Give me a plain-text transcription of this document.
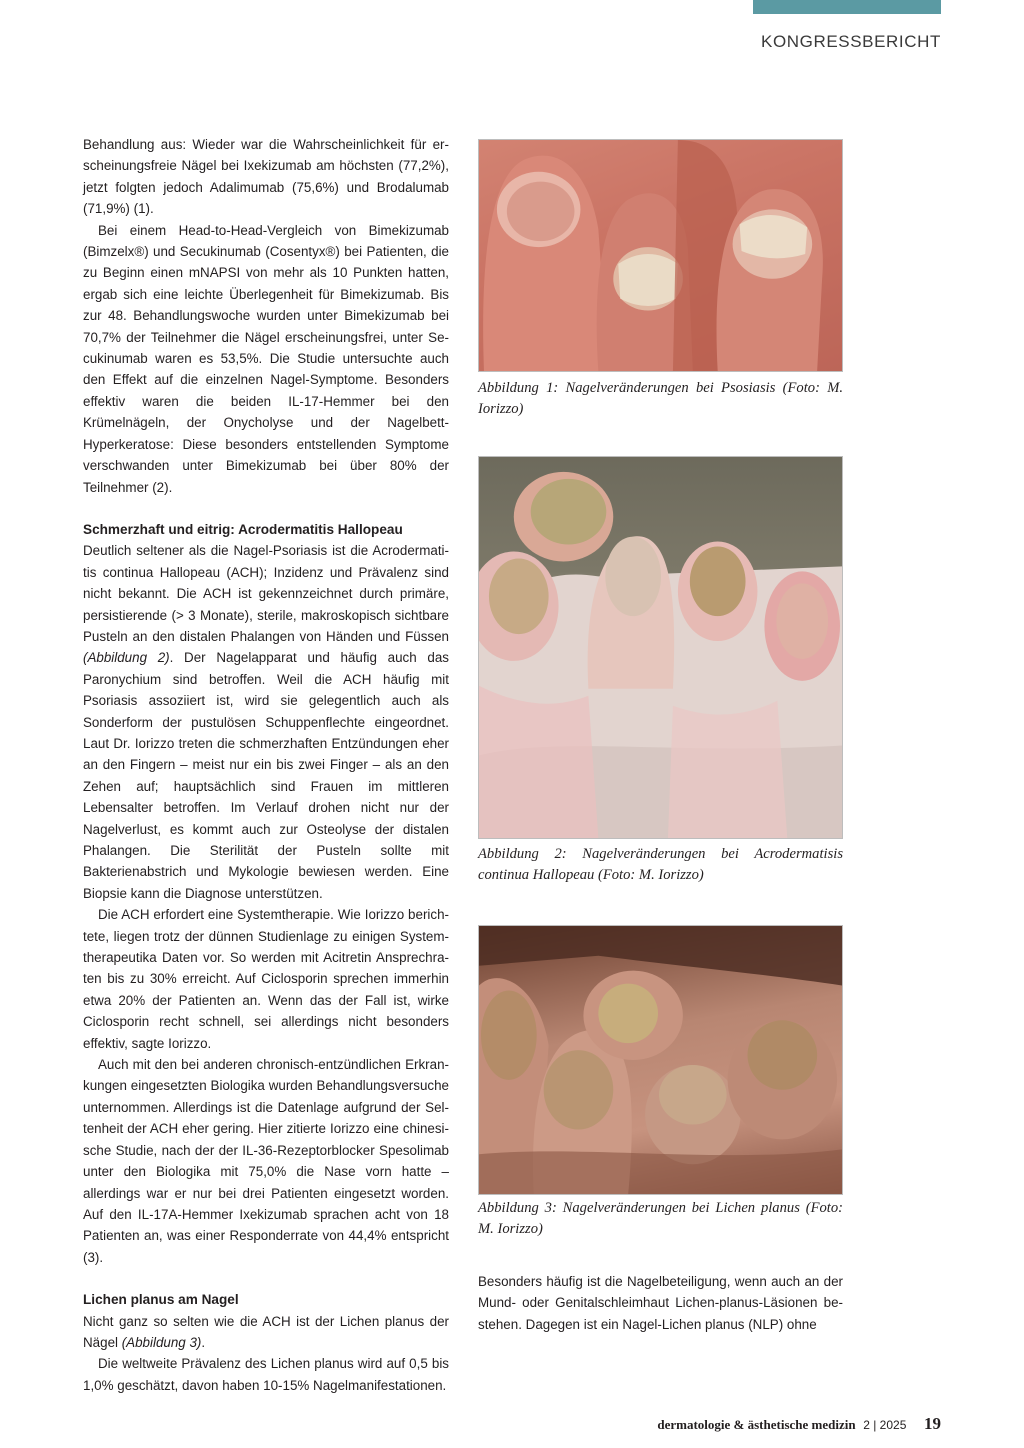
KONGRESSBERICHT

Behandlung aus: Wieder war die Wahrscheinlichkeit für erscheinungsfreie Nägel bei Ixekizumab am höchsten (77,2%), jetzt folgten jedoch Adalimumab (75,6%) und Brodalumab (71,9%) (1).

Bei einem Head-to-Head-Vergleich von Bimekizumab (Bimzelx®) und Secukinumab (Cosentyx®) bei Patienten, die zu Beginn einen mNAPSI von mehr als 10 Punkten hatten, ergab sich eine leichte Überlegenheit für Bimekizumab. Bis zur 48. Behandlungswoche wurden unter Bimekizumab bei 70,7% der Teilnehmer die Nägel erscheinungsfrei, unter Secukinumab waren es 53,5%. Die Studie untersuchte auch den Effekt auf die einzelnen Nagel-Symptome. Besonders effektiv waren die beiden IL-17-Hemmer bei den Krümelnägeln, der Onycholyse und der Nagelbett-Hyperkeratose: Diese besonders entstellenden Symptome verschwanden unter Bimekizumab bei über 80% der Teilnehmer (2).

Schmerzhaft und eitrig: Acrodermatitis Hallopeau

Deutlich seltener als die Nagel-Psoriasis ist die Acrodermatitis continua Hallopeau (ACH); Inzidenz und Prävalenz sind nicht bekannt. Die ACH ist gekennzeichnet durch primäre, persistierende (> 3 Monate), sterile, makroskopisch sichtbare Pusteln an den distalen Phalangen von Händen und Füssen (Abbildung 2). Der Nagelapparat und häufig auch das Paronychium sind betroffen. Weil die ACH häufig mit Psoriasis assoziiert ist, wird sie gelegentlich auch als Sonderform der pustulösen Schuppenflechte eingeordnet. Laut Dr. Iorizzo treten die schmerzhaften Entzündungen eher an den Fingern – meist nur ein bis zwei Finger – als an den Zehen auf; hauptsächlich sind Frauen im mittleren Lebensalter betroffen. Im Verlauf drohen nicht nur der Nagelverlust, es kommt auch zur Osteolyse der distalen Phalangen. Die Sterilität der Pusteln sollte mit Bakterienabstrich und Mykologie bewiesen werden. Eine Biopsie kann die Diagnose unterstützen.

Die ACH erfordert eine Systemtherapie. Wie Iorizzo berichtete, liegen trotz der dünnen Studienlage zu einigen Systemtherapeutika Daten vor. So werden mit Acitretin Ansprechraten bis zu 30% erreicht. Auf Ciclosporin sprechen immerhin etwa 20% der Patienten an. Wenn das der Fall ist, wirke Ciclosporin recht schnell, sei allerdings nicht besonders effektiv, sagte Iorizzo.

Auch mit den bei anderen chronisch-entzündlichen Erkrankungen eingesetzten Biologika wurden Behandlungsversuche unternommen. Allerdings ist die Datenlage aufgrund der Seltenheit der ACH eher gering. Hier zitierte Iorizzo eine chinesische Studie, nach der der IL-36-Rezeptorblocker Spesolimab unter den Biologika mit 75,0% die Nase vorn hatte – allerdings war er nur bei drei Patienten eingesetzt worden. Auf den IL-17A-Hemmer Ixekizumab sprachen acht von 18 Patienten an, was einer Responderrate von 44,4% entspricht (3).

Lichen planus am Nagel

Nicht ganz so selten wie die ACH ist der Lichen planus der Nägel (Abbildung 3).

Die weltweite Prävalenz des Lichen planus wird auf 0,5 bis 1,0% geschätzt, davon haben 10-15% Nagelmanifestationen.

Abbildung 1: Nagelveränderungen bei Psosiasis (Foto: M. Iorizzo)

Abbildung 2: Nagelveränderungen bei Acrodermatisis continua Hallopeau (Foto: M. Iorizzo)

Abbildung 3: Nagelveränderungen bei Lichen planus (Foto: M. Iorizzo)

Besonders häufig ist die Nagelbeteiligung, wenn auch an der Mund- oder Genitalschleimhaut Lichen-planus-Läsionen bestehen. Dagegen ist ein Nagel-Lichen planus (NLP) ohne

dermatologie & ästhetische medizin 2 | 2025 19
